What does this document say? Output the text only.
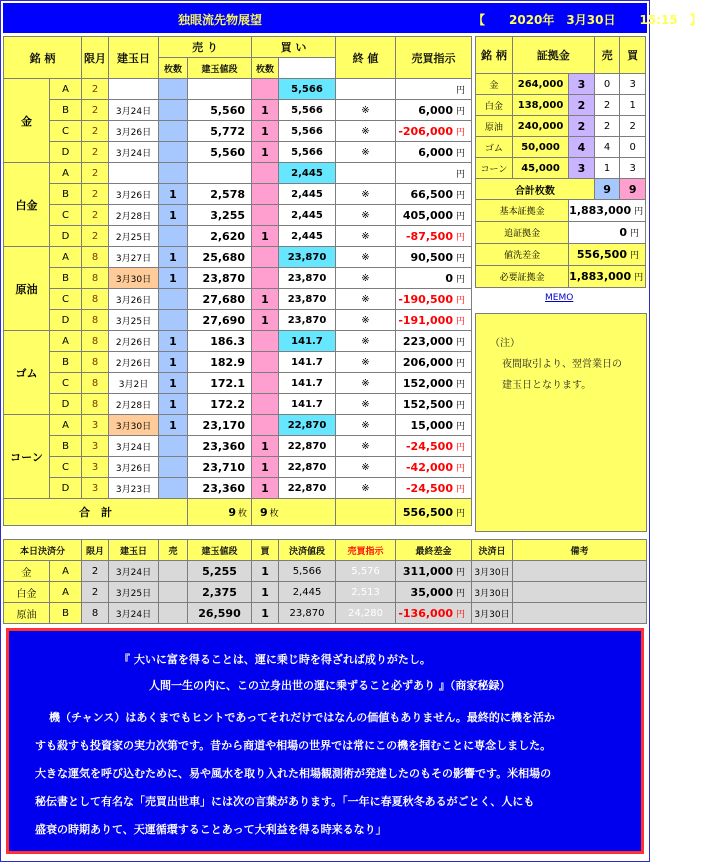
独眼流先物展望	【　　2020年　3月30日　　15:15　】
銘 柄		限月	建玉日	売 り		買 い		終 値	売買指示	
				枚数	建玉値段	枚数				
金	A	2					5,566		円	
	B	2	3月24日		5,560	1	5,566	※	6,000 円	
	C	2	3月26日		5,772	1	5,566	※	-206,000 円	
	D	2	3月24日		5,560	1	5,566	※	6,000 円	
白金	A	2					2,445		円	
	B	2	3月26日	1	2,578		2,445	※	66,500 円	
	C	2	2月28日	1	3,255		2,445	※	405,000 円	
	D	2	2月25日		2,620	1	2,445	※	-87,500 円	
原油	A	8	3月27日	1	25,680		23,870	※	90,500 円	
	B	8	3月30日	1	23,870		23,870	※	0 円	
	C	8	3月26日		27,680	1	23,870	※	-190,500 円	
	D	8	3月25日		27,690	1	23,870	※	-191,000 円	
ゴム	A	8	2月26日	1	186.3		141.7	※	223,000 円	
	B	8	2月26日	1	182.9		141.7	※	206,000 円	
	C	8	3月2日	1	172.1		141.7	※	152,000 円	
	D	8	2月28日	1	172.2		141.7	※	152,500 円	
コーン	A	3	3月30日	1	23,170		22,870	※	15,000 円	
	B	3	3月24日		23,360	1	22,870	※	-24,500 円	
	C	3	3月26日		23,710	1	22,870	※	-42,000 円	
	D	3	3月23日		23,360	1	22,870	※	-24,500 円	
合　計					9 枚	9 枚			556,500 円	
銘 柄	証拠金		売	買
金	264,000	3	0	3
白金	138,000	2	2	1
原油	240,000	2	2	2
ゴム	50,000	4	4	0
コーン	45,000	3	1	3
合計枚数			9	9
基本証拠金		1,883,000 円		
追証拠金		0 円		
値洗差金		556,500 円		
必要証拠金		1,883,000 円		
MEMO

（注）

夜間取引より、翌営業日の

建玉日となります。

本日決済分		限月	建玉日	売	建玉値段	買	決済値段	売買指示	最終差金	決済日	備考
金	A	2	3月24日		5,255	1	5,566	5,576	311,000 円	3月30日	
白金	A	2	3月25日		2,375	1	2,445	2,513	35,000 円	3月30日	
原油	B	8	3月24日		26,590	1	23,870	24,280	-136,000 円	3月30日	

『 大いに富を得ることは、運に乗じ時を得ざれば成りがたし。

人間一生の内に、この立身出世の運に乗ずること必ずあり 』（商家秘録）

機（チャンス）はあくまでもヒントであってそれだけではなんの価値もありません。最終的に機を活か

すも殺すも投資家の実力次第です。昔から商道や相場の世界では常にこの機を掴むことに専念しました。

大きな運気を呼び込むために、易や風水を取り入れた相場観測術が発達したのもその影響です。米相場の

秘伝書として有名な「売買出世車」には次の言葉があります。「一年に春夏秋冬あるがごとく、人にも

盛衰の時期ありて、天運循環することあって大利益を得る時来るなり」
